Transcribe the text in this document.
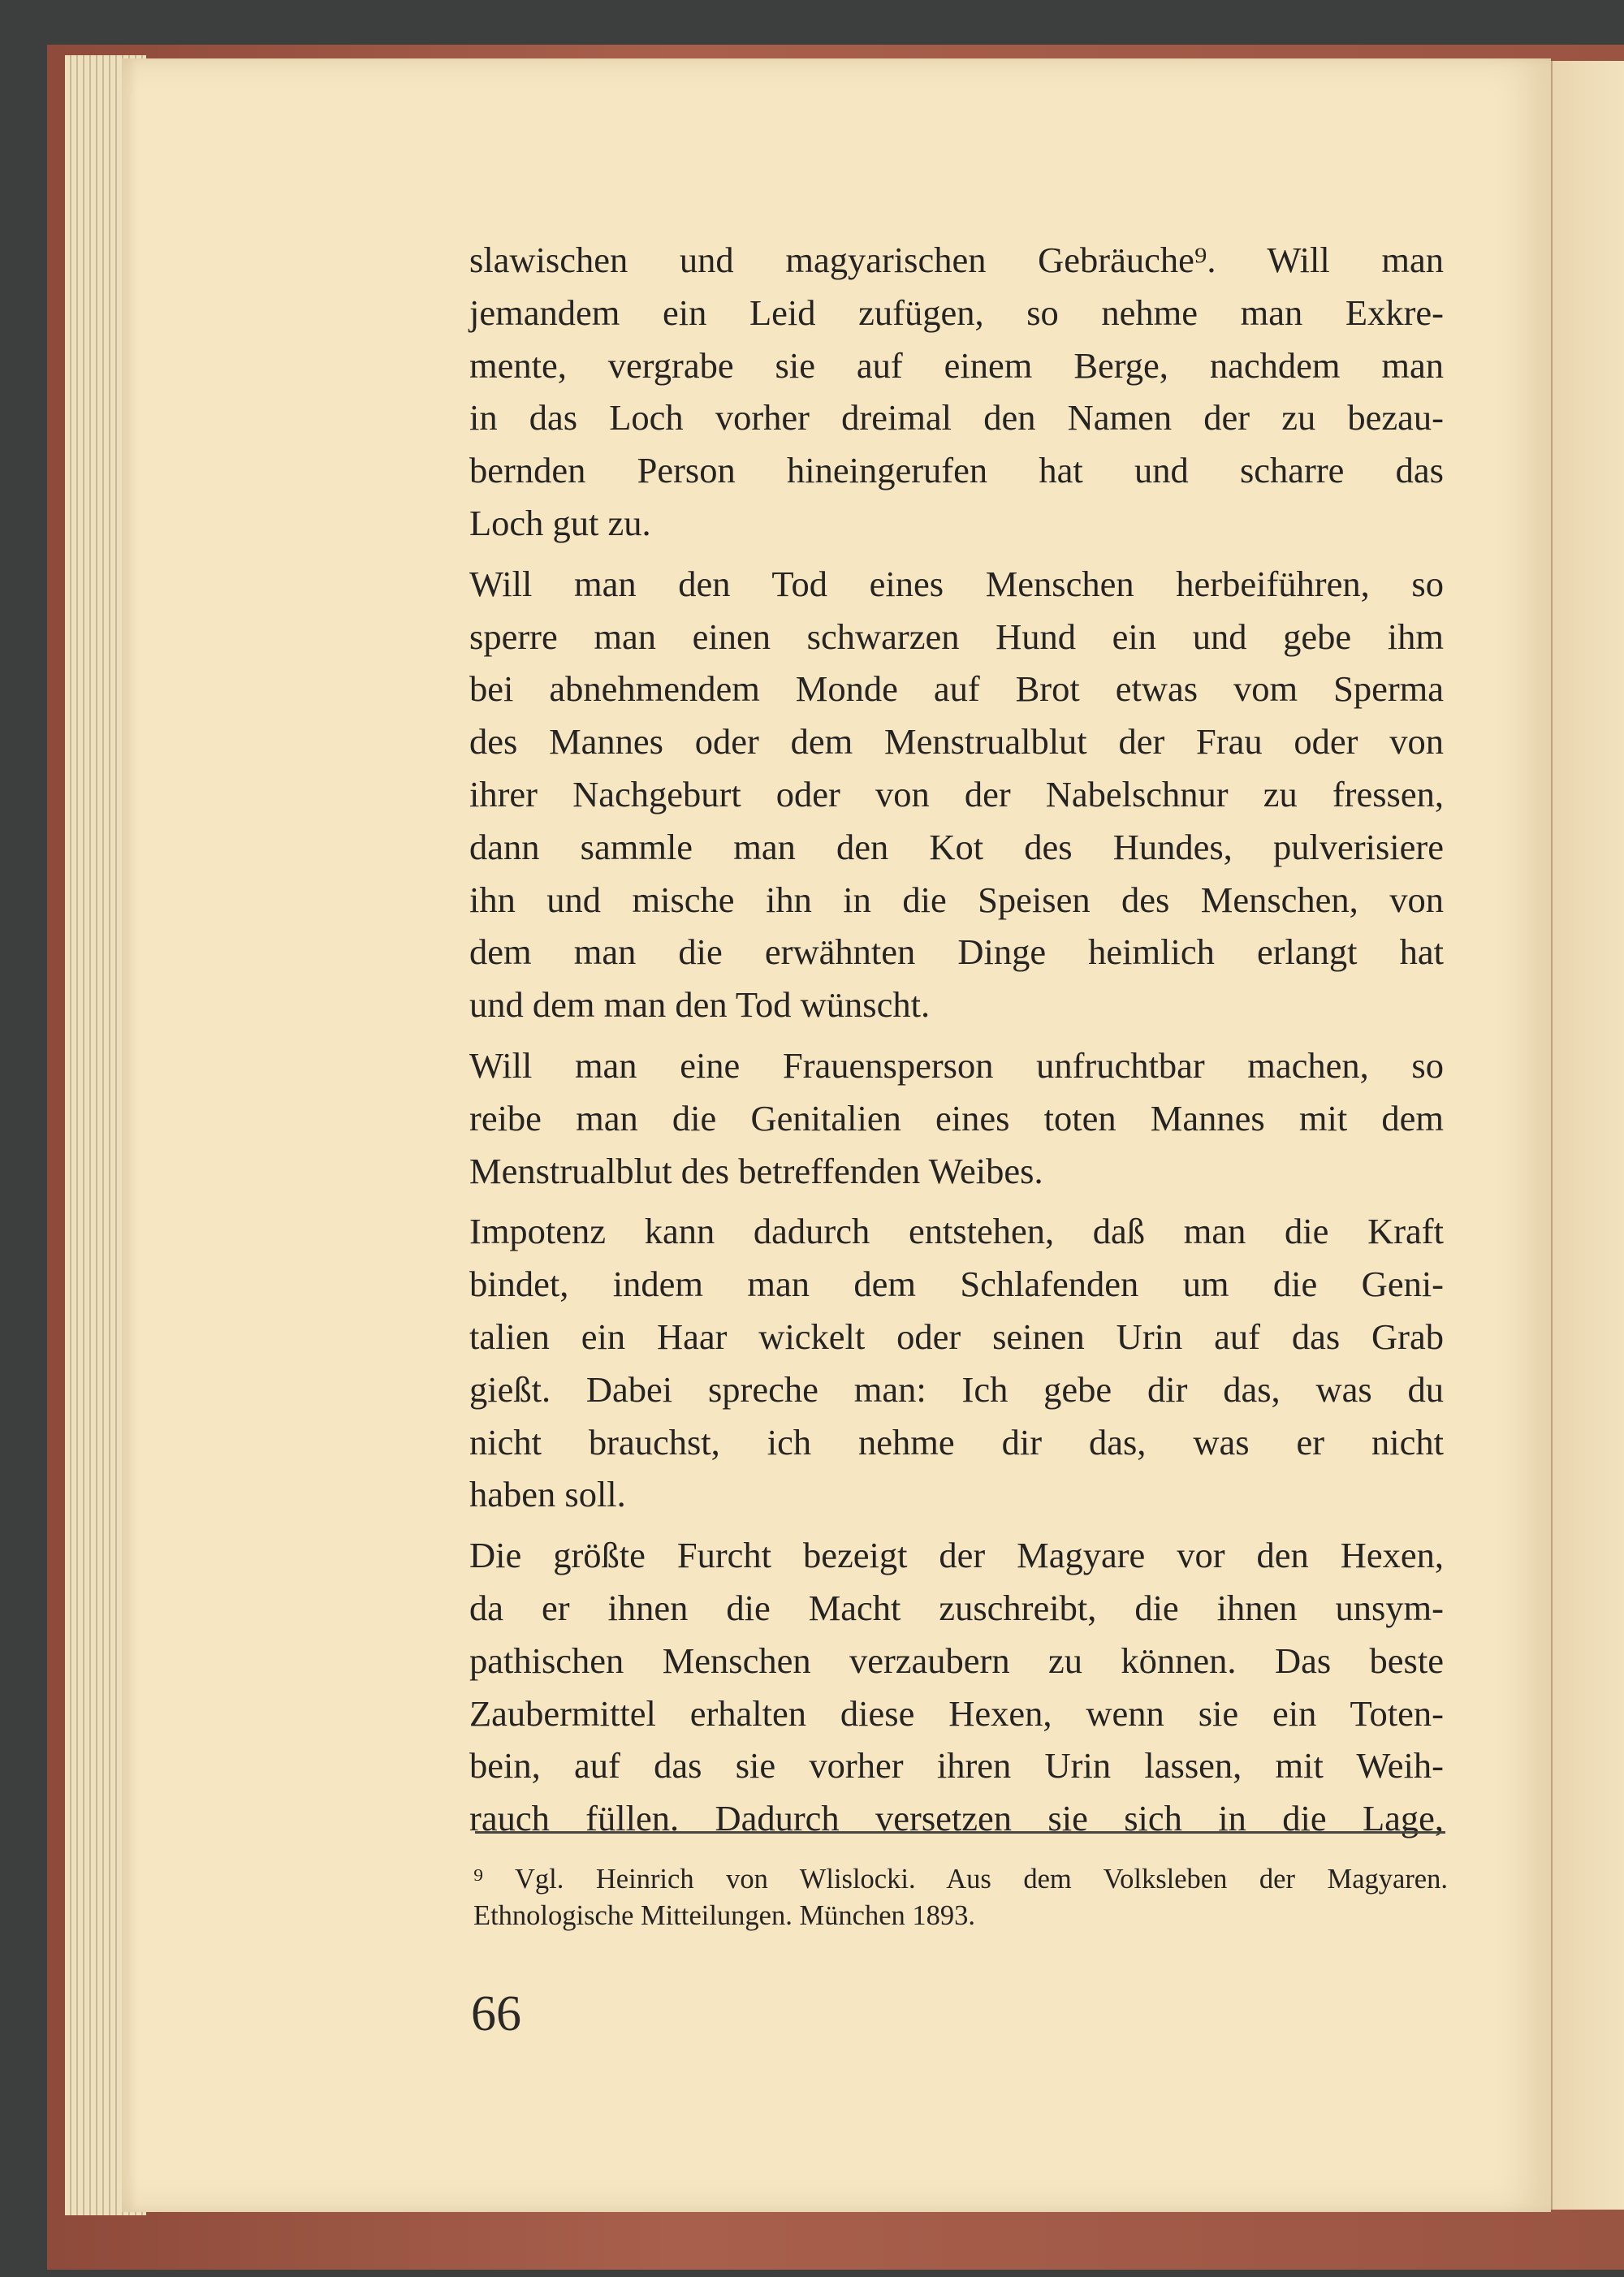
slawischen und magyarischen Gebräuche⁹. Will man
jemandem ein Leid zufügen, so nehme man Exkre-
mente, vergrabe sie auf einem Berge, nachdem man
in das Loch vorher dreimal den Namen der zu bezau-
bernden Person hineingerufen hat und scharre das
Loch gut zu.
Will man den Tod eines Menschen herbeiführen, so
sperre man einen schwarzen Hund ein und gebe ihm
bei abnehmendem Monde auf Brot etwas vom Sperma
des Mannes oder dem Menstrualblut der Frau oder von
ihrer Nachgeburt oder von der Nabelschnur zu fressen,
dann sammle man den Kot des Hundes, pulverisiere
ihn und mische ihn in die Speisen des Menschen, von
dem man die erwähnten Dinge heimlich erlangt hat
und dem man den Tod wünscht.
Will man eine Frauensperson unfruchtbar machen, so
reibe man die Genitalien eines toten Mannes mit dem
Menstrualblut des betreffenden Weibes.
Impotenz kann dadurch entstehen, daß man die Kraft
bindet, indem man dem Schlafenden um die Geni-
talien ein Haar wickelt oder seinen Urin auf das Grab
gießt. Dabei spreche man: Ich gebe dir das, was du
nicht brauchst, ich nehme dir das, was er nicht
haben soll.
Die größte Furcht bezeigt der Magyare vor den Hexen,
da er ihnen die Macht zuschreibt, die ihnen unsym-
pathischen Menschen verzaubern zu können. Das beste
Zaubermittel erhalten diese Hexen, wenn sie ein Toten-
bein, auf das sie vorher ihren Urin lassen, mit Weih-
rauch füllen. Dadurch versetzen sie sich in die Lage,
⁹ Vgl. Heinrich von Wlislocki. Aus dem Volksleben der Magyaren.
Ethnologische Mitteilungen. München 1893.
66
